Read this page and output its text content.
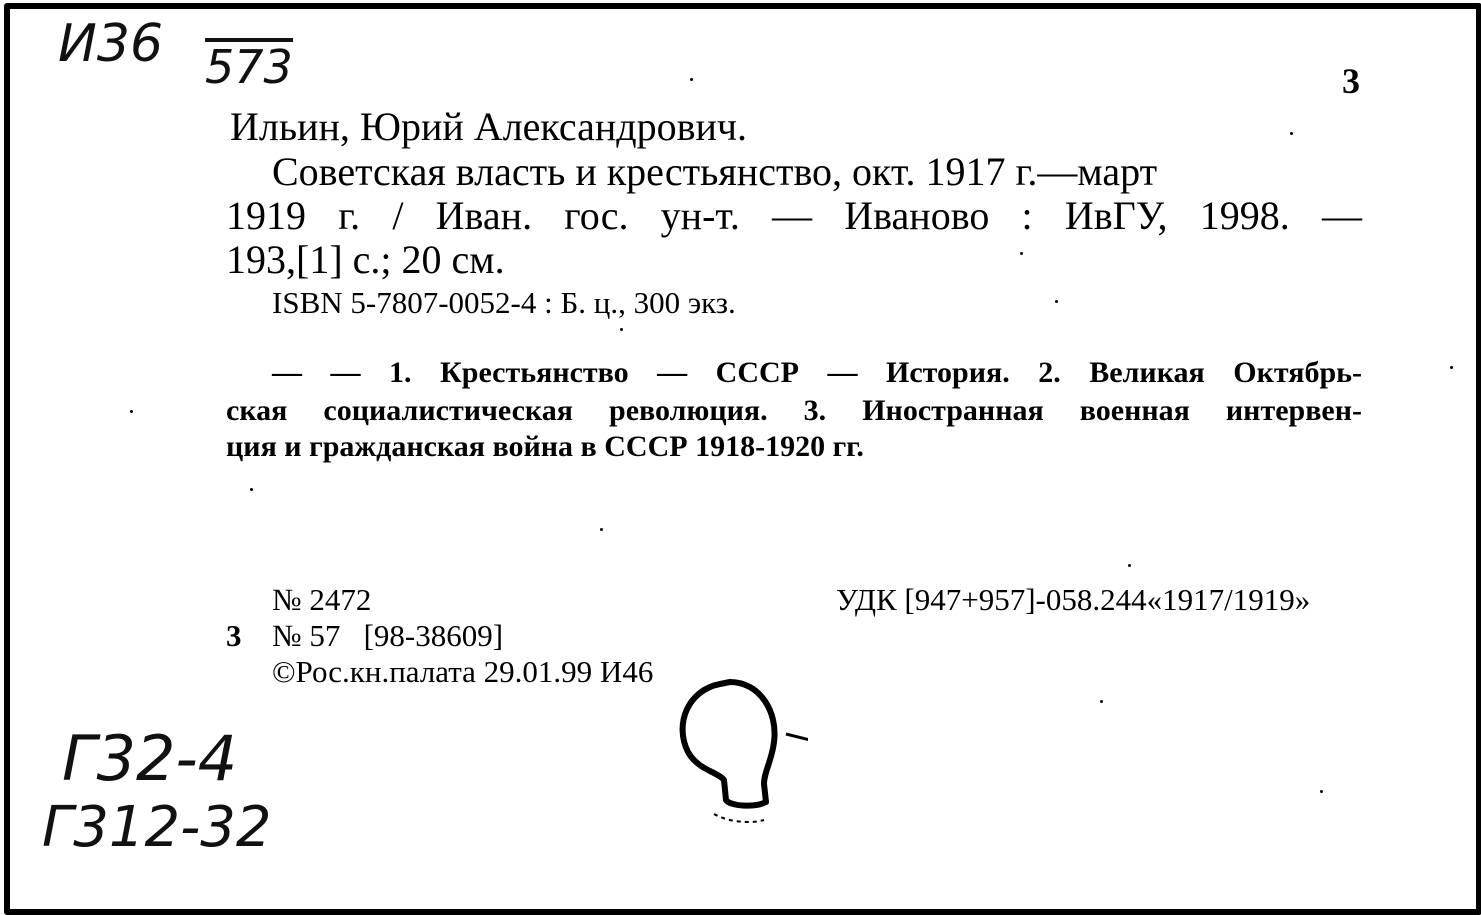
И36 573
Г32-4
Г312-32
3
Ильин, Юрий Александрович.
Советская власть и крестьянство, окт. 1917 г.—март
1919 г. / Иван. гос. ун-т. — Иваново : ИвГУ, 1998. —
193,[1] с.; 20 см.
ISBN 5-7807-0052-4 : Б. ц., 300 экз.
— — 1. Крестьянство — СССР — История. 2. Великая Октябрь-
ская социалистическая революция. 3. Иностранная военная интервен-
ция и гражданская война в СССР 1918-1920 гг.
№ 2472	УДК [947+957]-058.244«1917/1919»
3 № 57   [98-38609]
©Рос.кн.палата 29.01.99 И46
